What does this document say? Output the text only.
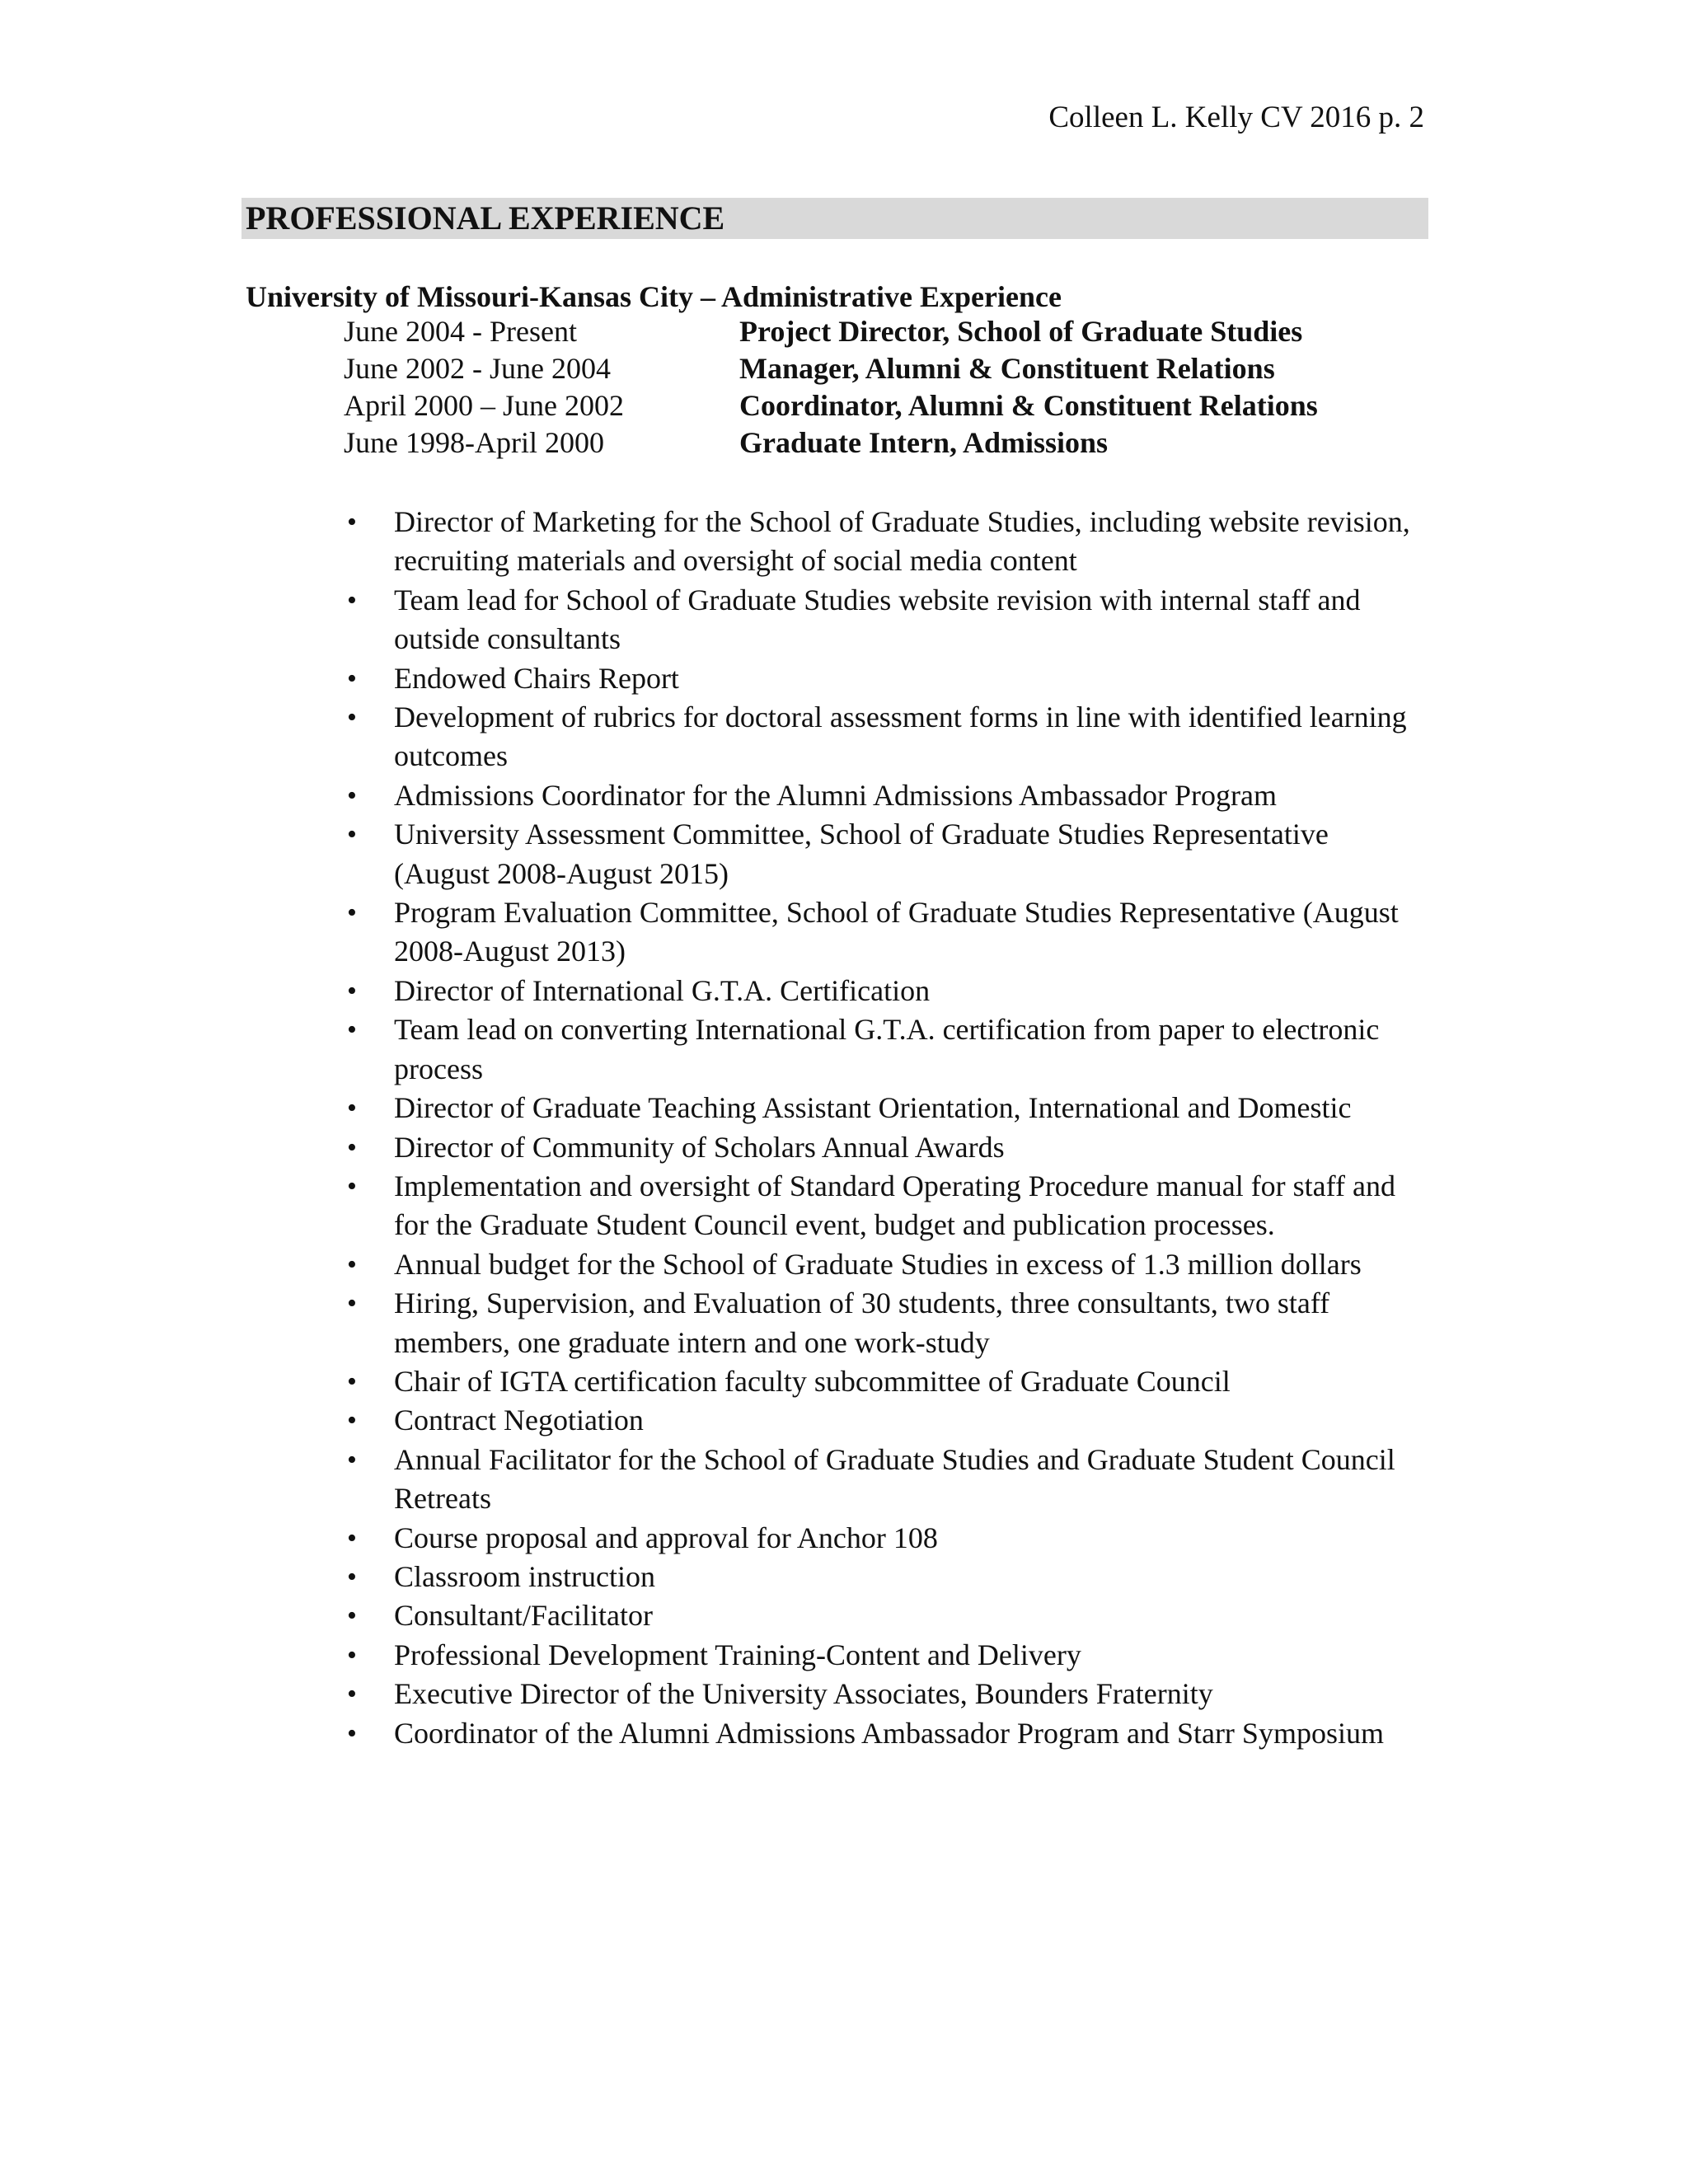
Colleen L. Kelly CV 2016 p. 2
PROFESSIONAL EXPERIENCE
University of Missouri-Kansas City – Administrative Experience
June 2004 - Present	Project Director, School of Graduate Studies
June 2002 - June 2004	Manager, Alumni & Constituent Relations
April 2000 – June 2002	Coordinator, Alumni & Constituent Relations
June 1998-April 2000	Graduate Intern, Admissions
• Director of Marketing for the School of Graduate Studies, including website revision, recruiting materials and oversight of social media content
• Team lead for School of Graduate Studies website revision with internal staff and outside consultants
• Endowed Chairs Report
• Development of rubrics for doctoral assessment forms in line with identified learning outcomes
• Admissions Coordinator for the Alumni Admissions Ambassador Program
• University Assessment Committee, School of Graduate Studies Representative (August 2008-August 2015)
• Program Evaluation Committee, School of Graduate Studies Representative (August 2008-August 2013)
• Director of International G.T.A. Certification
• Team lead on converting International G.T.A. certification from paper to electronic process
• Director of Graduate Teaching Assistant Orientation, International and Domestic
• Director of Community of Scholars Annual Awards
• Implementation and oversight of Standard Operating Procedure manual for staff and for the Graduate Student Council event, budget and publication processes.
• Annual budget for the School of Graduate Studies in excess of 1.3 million dollars
• Hiring, Supervision, and Evaluation of 30 students, three consultants, two staff members, one graduate intern and one work-study
• Chair of IGTA certification faculty subcommittee of Graduate Council
• Contract Negotiation
• Annual Facilitator for the School of Graduate Studies and Graduate Student Council Retreats
• Course proposal and approval for Anchor 108
• Classroom instruction
• Consultant/Facilitator
• Professional Development Training-Content and Delivery
• Executive Director of the University Associates, Bounders Fraternity
• Coordinator of the Alumni Admissions Ambassador Program and Starr Symposium
